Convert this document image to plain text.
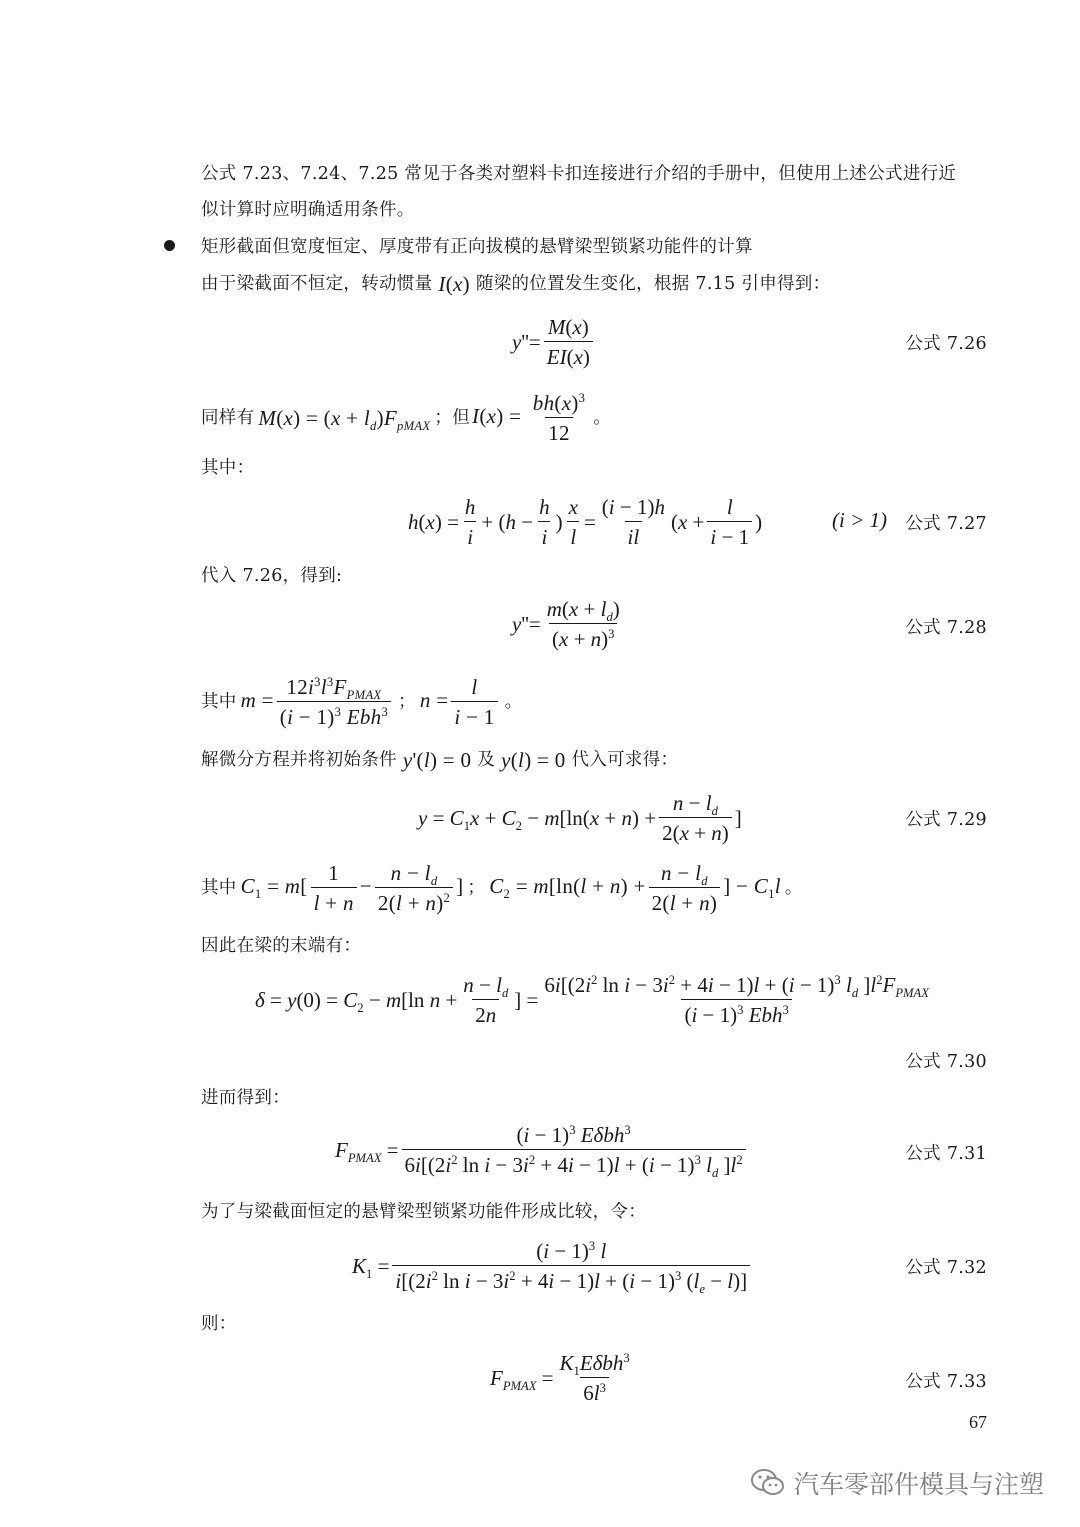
公式 7.23、7.24、7.25 常见于各类对塑料卡扣连接进行介绍的手册中，但使用上述公式进行近
似计算时应明确适用条件。
矩形截面但宽度恒定、厚度带有正向拔模的悬臂梁型锁紧功能件的计算
由于梁截面不恒定，转动惯量 I(x) 随梁的位置发生变化，根据 7.15 引申得到：
$y''= \frac{M(x)}{EI(x)}$	公式 7.26
同样有 $M(x) = (x + l_d)F_{pMAX}$ ；但 $I(x) = \frac{bh(x)^3}{12}$ 。
其中：
$h(x) = \frac{h}{i}$ + ( $h - \frac{h}{i}$ ) $\frac{x}{l} = \frac{(i - 1)h}{il}$ ( $x + \frac{l}{i - 1}$ )	(i > 1) 公式 7.27
代入 7.26，得到:
$y''= \frac{m(x + l_d)}{(x + n)^3}$	公式 7.28
其中 $m = \frac{12i^3l^3F_{PMAX}}{(i - 1)^3 Ebh^3}$ ； $n = \frac{l}{i - 1}$ 。
解微分方程并将初始条件 y'(l) = 0 及 y(l) = 0 代入可求得：
$y = C_1x + C_2 - m[\ln(x + n) + \frac{n - l_d}{2(x + n)}$ ]	公式 7.29
其中 $C_1 = m[ \frac{1}{l + n} - \frac{n - l_d}{2(l + n)^2}$ ] ； $C_2 = m[\ln(l + n) + \frac{n - l_d}{2(l + n)}$ ] − $C_1l$ 。
因此在梁的末端有：
$\delta = y(0) = C_2 - m[\ln$ $n + \frac{n - l_d}{2n}$ ] = $\frac{6i[(2i^2 \ln i - 3i^2 + 4i - 1)l + (i - 1)^3 l_d ]l^2F_{PMAX}}{(i - 1)^3 Ebh^3}$
公式 7.30
进而得到：
$F_{PMAX} = \frac{(i - 1)^3 E\delta bh^3}{6i[(2i^2 \ln i - 3i^2 + 4i - 1)l + (i - 1)^3 l_d ]l^2}$	公式 7.31
为了与梁截面恒定的悬臂梁型锁紧功能件形成比较，令：
$K_1 = \frac{(i - 1)^3 l}{i[(2i^2 \ln i - 3i^2 + 4i - 1)l + (i - 1)^3 (l_e - l)]}$	公式 7.32
则：
$F_{PMAX} = \frac{K_1E\delta bh^3}{6l^3}$	公式 7.33
67
汽车零部件模具与注塑
